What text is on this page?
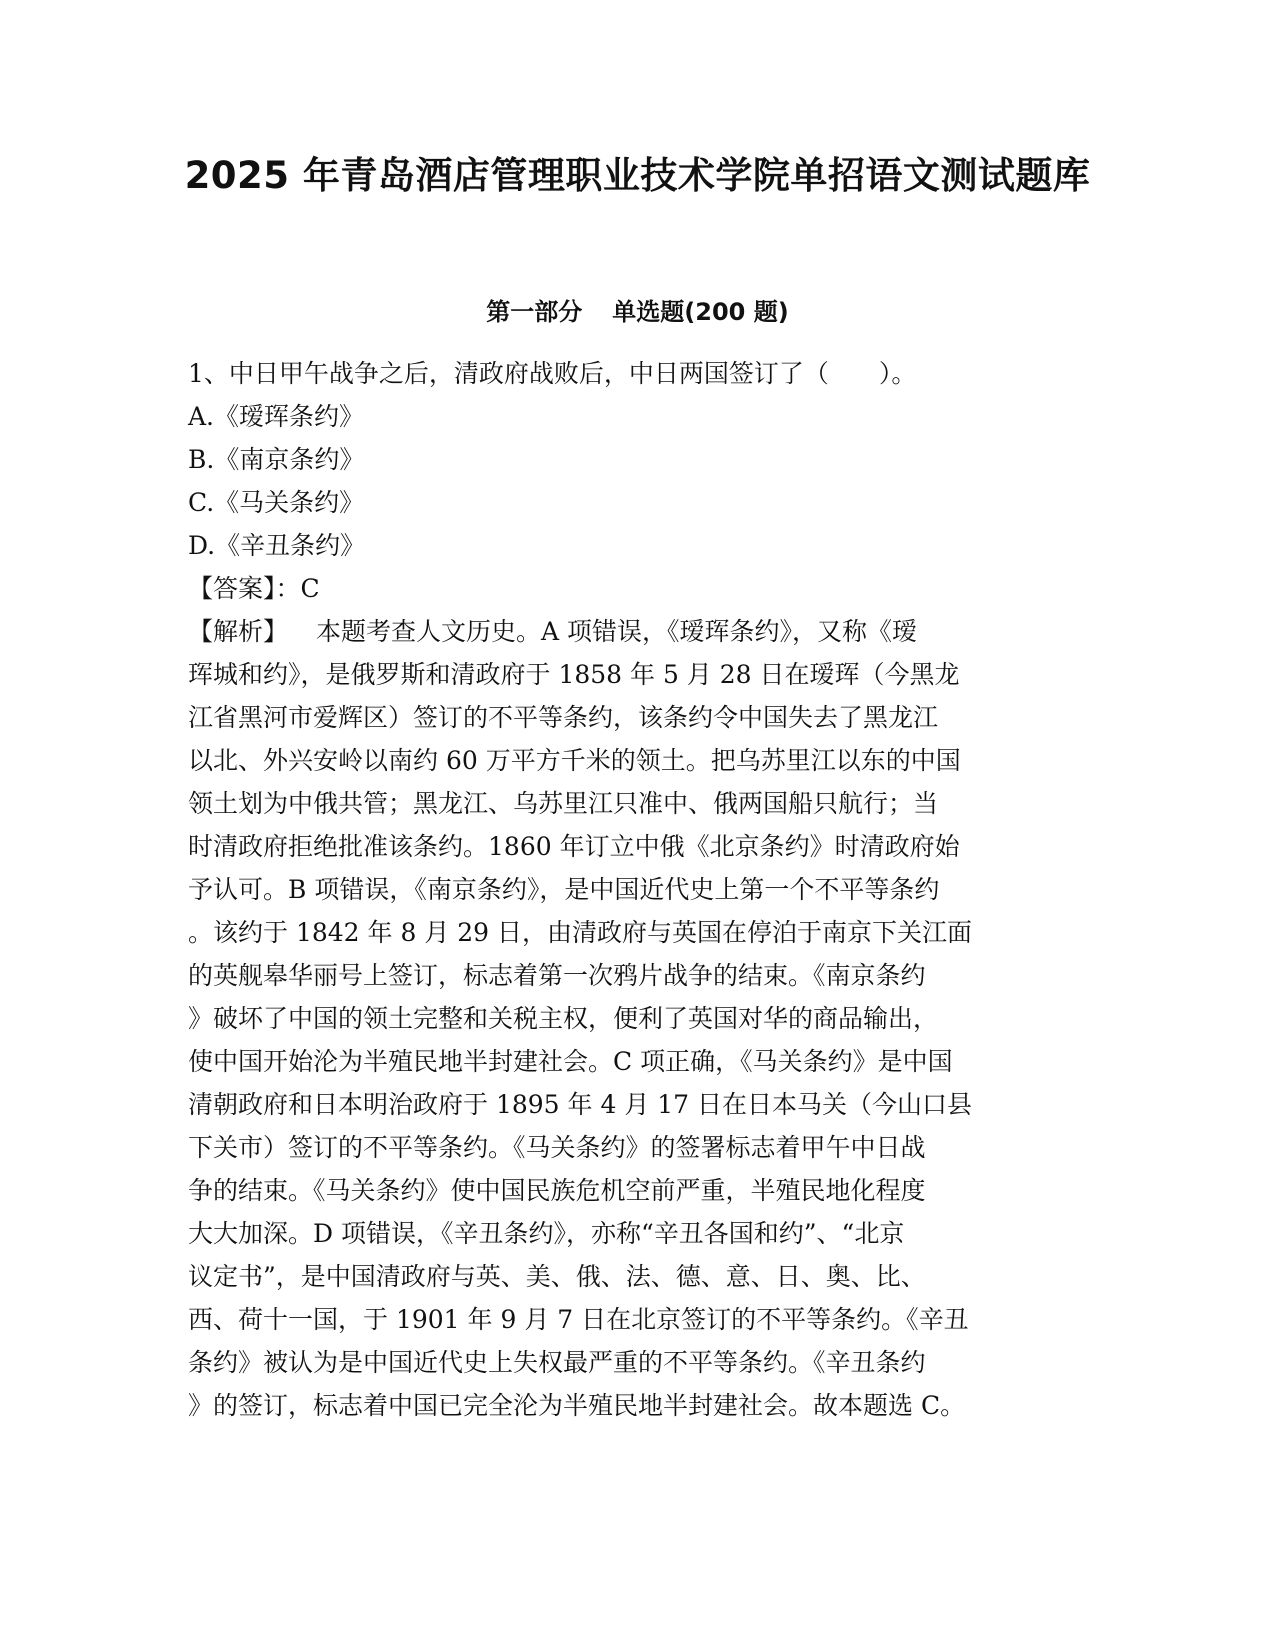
2025 年青岛酒店管理职业技术学院单招语文测试题库
第一部分 单选题(200 题)
1、中日甲午战争之后，清政府战败后，中日两国签订了（　　）。
A.《瑷珲条约》
B.《南京条约》
C.《马关条约》
D.《辛丑条约》
【答案】：C
【解析】 本题考查人文历史。A 项错误，《瑷珲条约》，又称《瑷
珲城和约》，是俄罗斯和清政府于 1858 年 5 月 28 日在瑷珲（今黑龙
江省黑河市爱辉区）签订的不平等条约，该条约令中国失去了黑龙江
以北、外兴安岭以南约 60 万平方千米的领土。把乌苏里江以东的中国
领土划为中俄共管；黑龙江、乌苏里江只准中、俄两国船只航行；当
时清政府拒绝批准该条约。1860 年订立中俄《北京条约》时清政府始
予认可。B 项错误，《南京条约》，是中国近代史上第一个不平等条约
。该约于 1842 年 8 月 29 日，由清政府与英国在停泊于南京下关江面
的英舰皋华丽号上签订，标志着第一次鸦片战争的结束。《南京条约
》破坏了中国的领土完整和关税主权，便利了英国对华的商品输出，
使中国开始沦为半殖民地半封建社会。C 项正确，《马关条约》是中国
清朝政府和日本明治政府于 1895 年 4 月 17 日在日本马关（今山口县
下关市）签订的不平等条约。《马关条约》的签署标志着甲午中日战
争的结束。《马关条约》使中国民族危机空前严重，半殖民地化程度
大大加深。D 项错误，《辛丑条约》，亦称“辛丑各国和约”、“北京
议定书”，是中国清政府与英、美、俄、法、德、意、日、奥、比、
西、荷十一国，于 1901 年 9 月 7 日在北京签订的不平等条约。《辛丑
条约》被认为是中国近代史上失权最严重的不平等条约。《辛丑条约
》的签订，标志着中国已完全沦为半殖民地半封建社会。故本题选 C。
